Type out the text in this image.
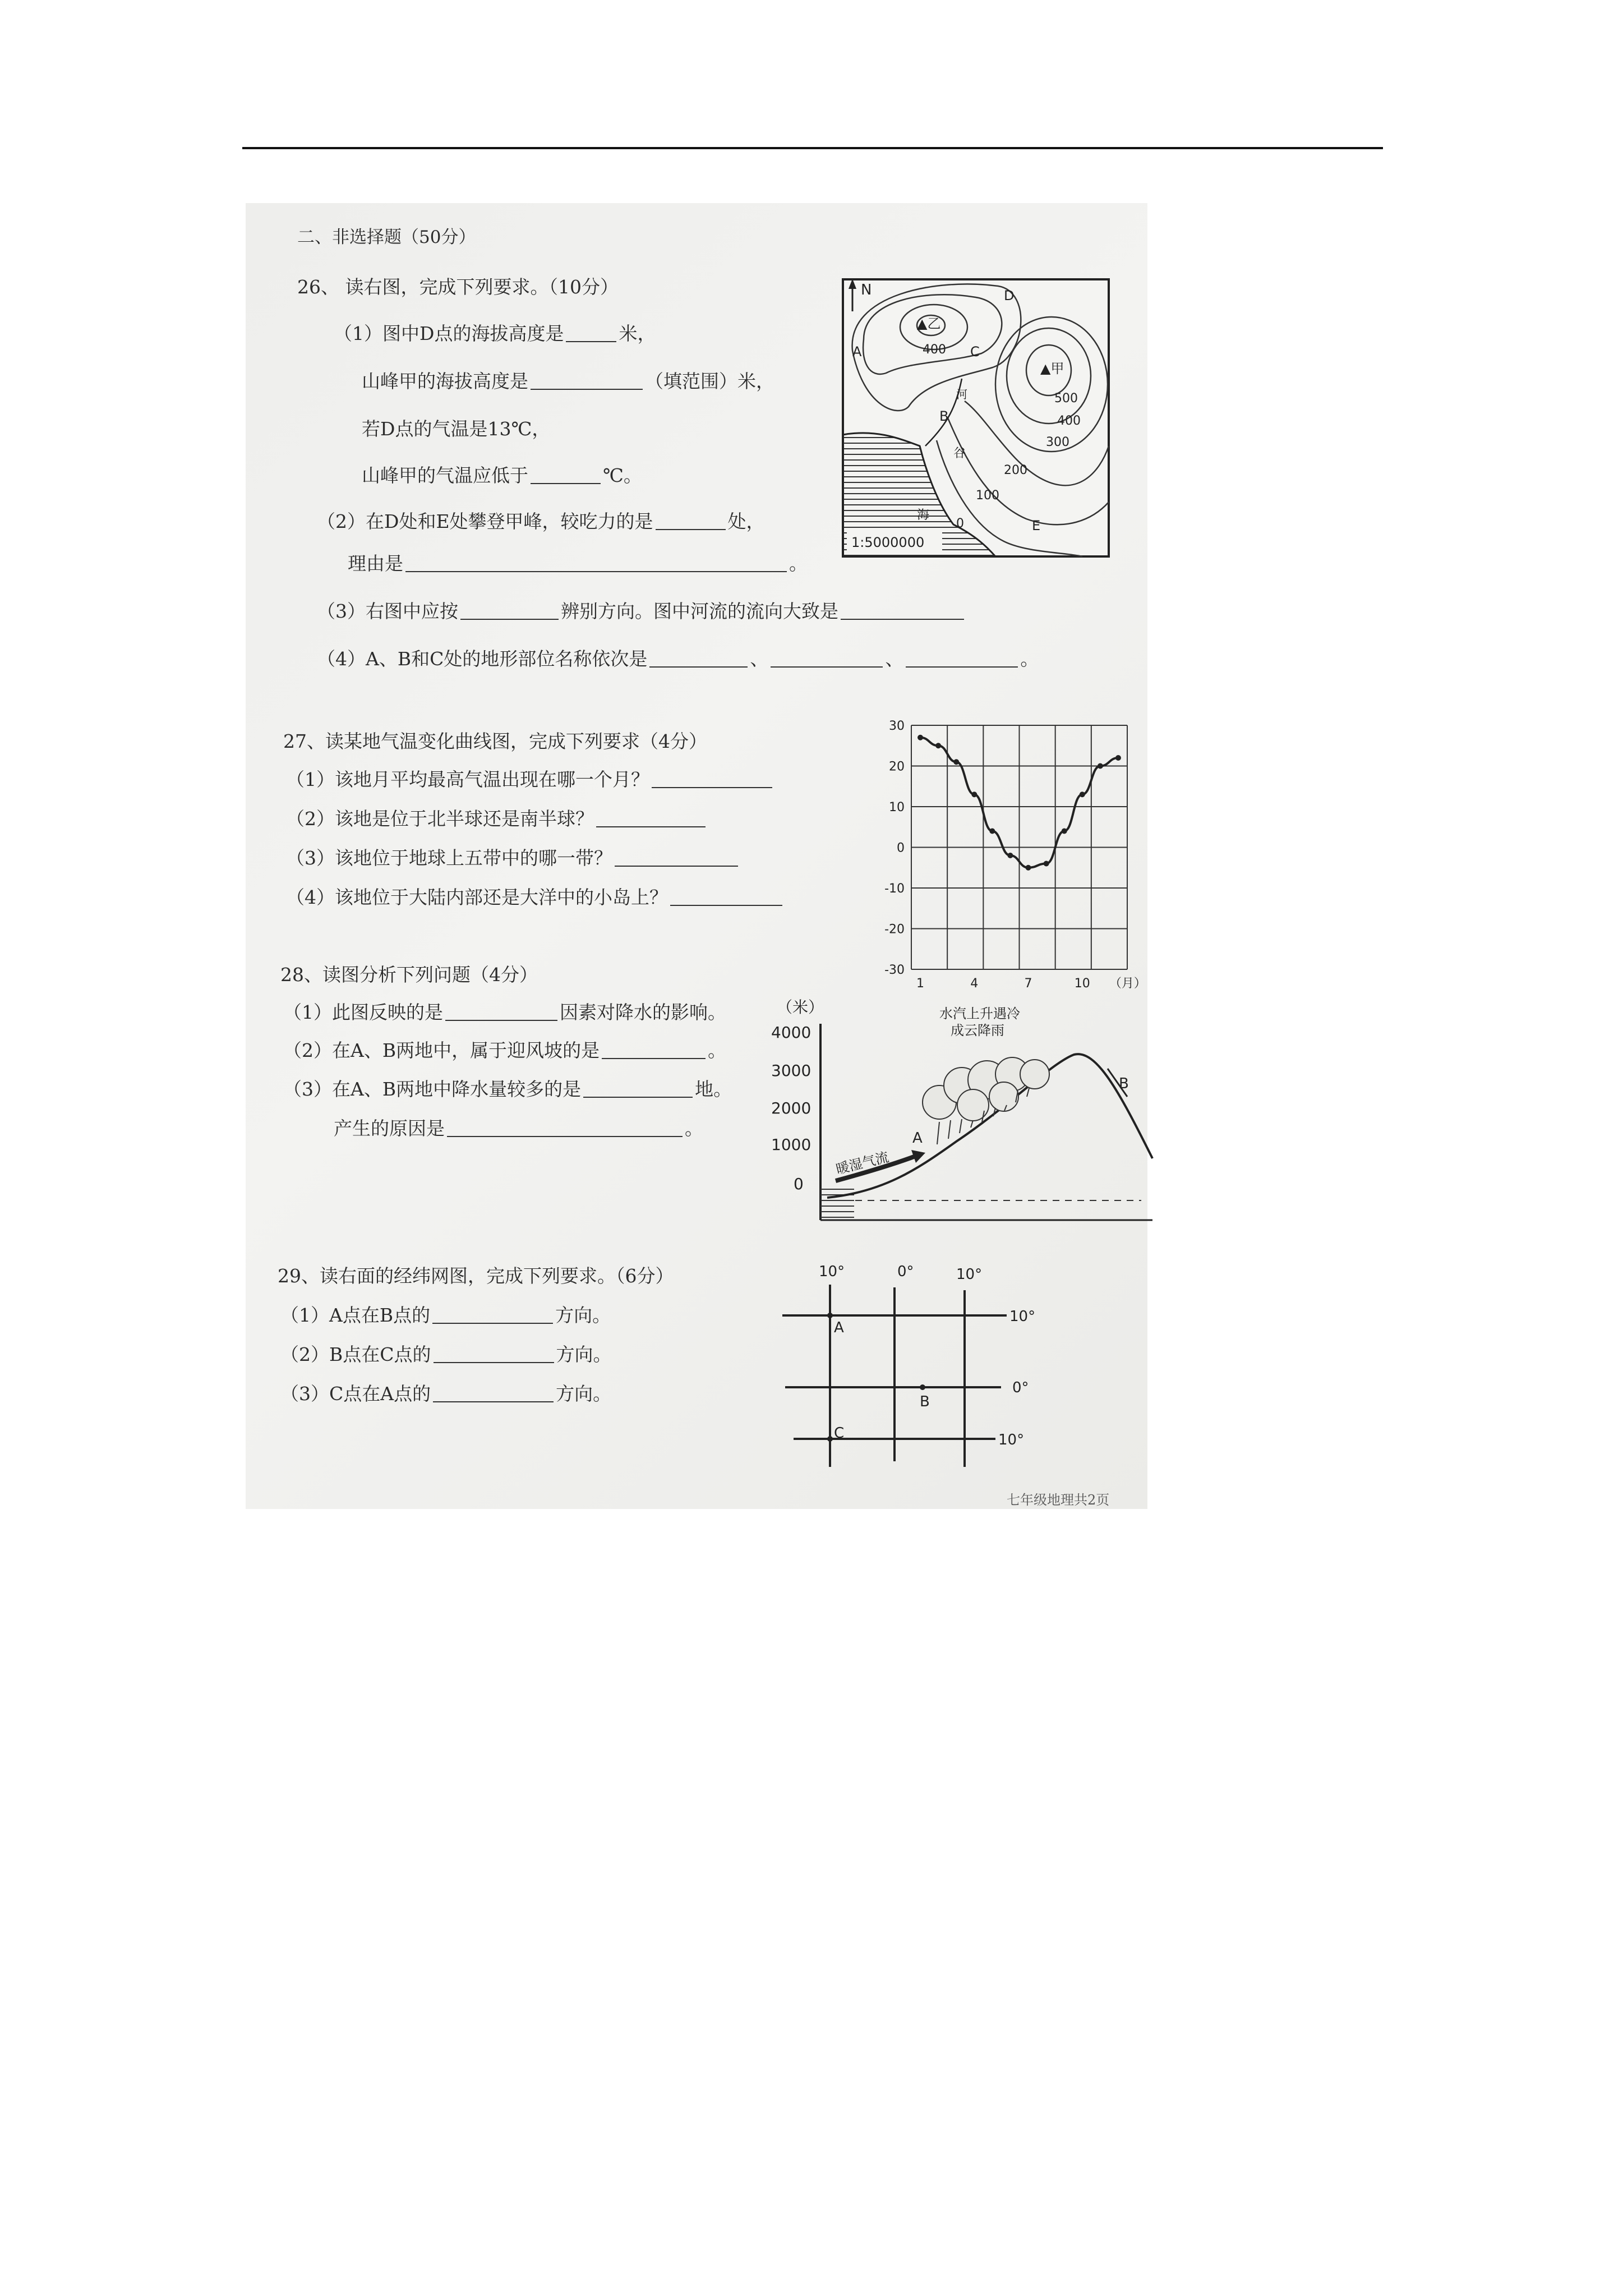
二、非选择题（50分）
26、 读右图，完成下列要求。（10分）
（1）图中D点的海拔高度是	米，
山峰甲的海拔高度是	（填范围）米，
若D点的气温是13℃，
山峰甲的气温应低于	℃。
（2）在D处和E处攀登甲峰，较吃力的是	处，
理由是	。
（3）右图中应按	辨别方向。图中河流的流向大致是
（4）A、B和C处的地形部位名称依次是	、	、	。
N
▲乙
▲甲
400
500
400
300
200
100
0
A
B
C
D
E
河
谷
海
1:5000000
27、读某地气温变化曲线图，完成下列要求（4分）
（1）该地月平均最高气温出现在哪一个月？
（2）该地是位于北半球还是南半球？
（3）该地位于地球上五带中的哪一带？
（4）该地位于大陆内部还是大洋中的小岛上？
30
20
10
0
-10
-20
-30
1	4	7	10 （月）
28、读图分析下列问题（4分）
（1）此图反映的是	因素对降水的影响。
（2）在A、B两地中，属于迎风坡的是	。
（3）在A、B两地中降水量较多的是	地。
产生的原因是	。
（米）
4000
3000
2000
1000
0
水汽上升遇冷
成云降雨
暖湿气流
A
B
29、读右面的经纬网图，完成下列要求。（6分）
（1）A点在B点的	方向。
（2）B点在C点的	方向。
（3）C点在A点的	方向。
10°	0°	10°
10°
0°
10°
A
B
C
七年级地理共2页
